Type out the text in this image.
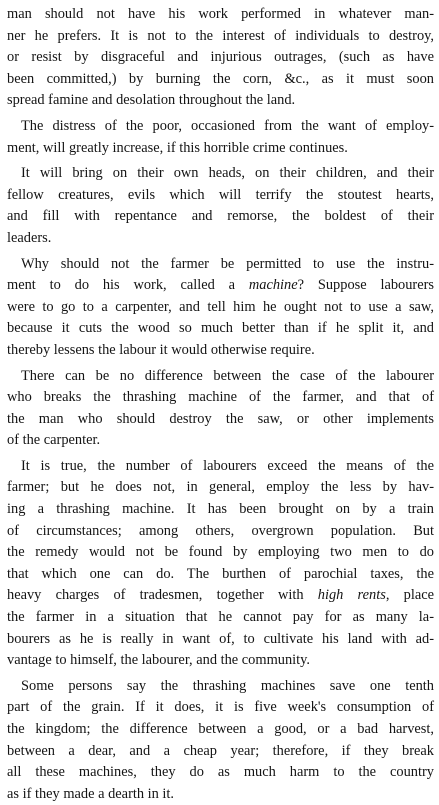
man should not have his work performed in whatever man-
ner he prefers. It is not to the interest of individuals to destroy,
or resist by disgraceful and injurious outrages, (such as have
been committed,) by burning the corn, &c., as it must soon
spread famine and desolation throughout the land.
The distress of the poor, occasioned from the want of employ-
ment, will greatly increase, if this horrible crime continues.
It will bring on their own heads, on their children, and their
fellow creatures, evils which will terrify the stoutest hearts,
and fill with repentance and remorse, the boldest of their
leaders.
Why should not the farmer be permitted to use the instru-
ment to do his work, called a machine? Suppose labourers
were to go to a carpenter, and tell him he ought not to use a saw,
because it cuts the wood so much better than if he split it, and
thereby lessens the labour it would otherwise require.
There can be no difference between the case of the labourer
who breaks the thrashing machine of the farmer, and that of
the man who should destroy the saw, or other implements
of the carpenter.
It is true, the number of labourers exceed the means of the
farmer; but he does not, in general, employ the less by hav-
ing a thrashing machine. It has been brought on by a train
of circumstances; among others, overgrown population. But
the remedy would not be found by employing two men to do
that which one can do. The burthen of parochial taxes, the
heavy charges of tradesmen, together with high rents, place
the farmer in a situation that he cannot pay for as many la-
bourers as he is really in want of, to cultivate his land with ad-
vantage to himself, the labourer, and the community.
Some persons say the thrashing machines save one tenth
part of the grain. If it does, it is five week's consumption of
the kingdom; the difference between a good, or a bad harvest,
between a dear, and a cheap year; therefore, if they break
all these machines, they do as much harm to the country
as if they made a dearth in it.
